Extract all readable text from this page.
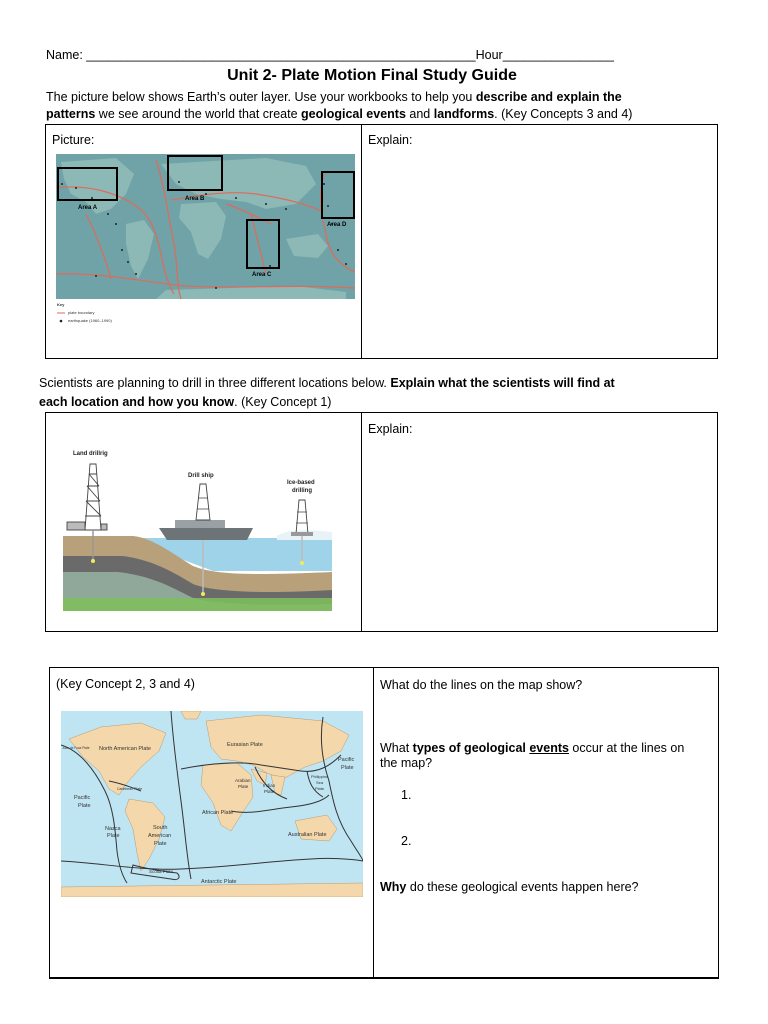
Name: ________________________________________________________Hour________________
Unit 2- Plate Motion Final Study Guide
The picture below shows Earth’s outer layer. Use your workbooks to help you describe and explain the
patterns we see around the world that create geological events and landforms. (Key Concepts 3 and 4)
Picture:	Explain:
Area A
Area B
Area C
Area D
Key
plate boundary
earthquake (1960–1990)
Scientists are planning to drill in three different locations below. Explain what the scientists will find at
each location and how you know. (Key Concept 1)
Explain:
Land drillrig
Drill ship
Ice-based
drilling
(Key Concept 2, 3 and 4)	What do the lines on the map show?
What types of geological events occur at the lines on
the map?
1.
2.
Why do these geological events happen here?
North American Plate
Eurasian Plate
Pacific
Plate
Pacific
Plate
Arabian
Plate	Indian
Plate
Philippine
Sea
Plate
African Plate
Nazca
Plate
South
American
Plate
Australian Plate
Scotia Plate
Antarctic Plate
Caribbean Plate
Juan de Fuca Plate
